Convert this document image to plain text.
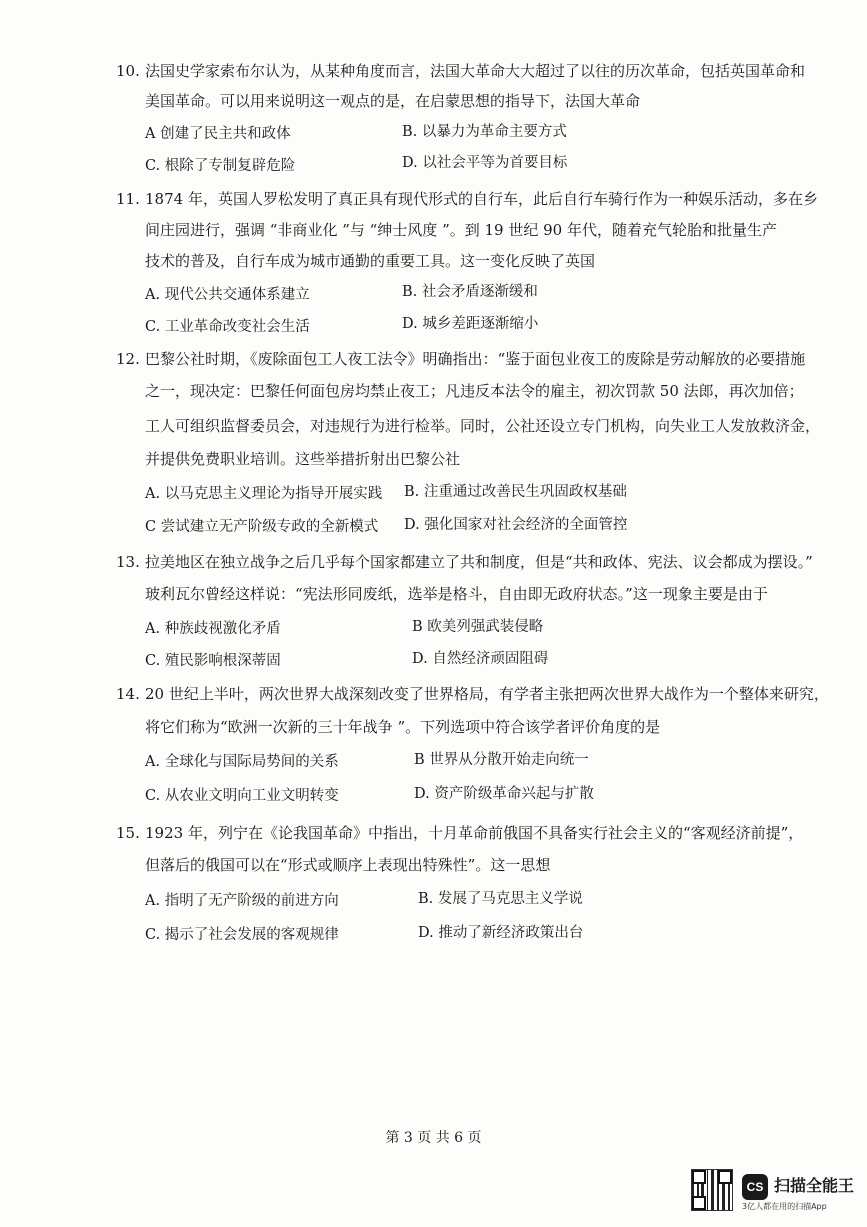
10. 法国史学家索布尔认为，从某种角度而言，法国大革命大大超过了以往的历次革命，包括英国革命和
美国革命。可以用来说明这一观点的是，在启蒙思想的指导下，法国大革命
A 创建了民主共和政体	B. 以暴力为革命主要方式
C. 根除了专制复辟危险	D. 以社会平等为首要目标
11. 1874 年，英国人罗松发明了真正具有现代形式的自行车，此后自行车骑行作为一种娱乐活动，多在乡
间庄园进行，强调 “非商业化 ”与 “绅士风度 ”。到 19 世纪 90 年代，随着充气轮胎和批量生产
技术的普及，自行车成为城市通勤的重要工具。这一变化反映了英国
A. 现代公共交通体系建立	B. 社会矛盾逐渐缓和
C. 工业革命改变社会生活	D. 城乡差距逐渐缩小
12. 巴黎公社时期，《废除面包工人夜工法令》明确指出：“鉴于面包业夜工的废除是劳动解放的必要措施
之一，现决定：巴黎任何面包房均禁止夜工；凡违反本法令的雇主，初次罚款 50 法郎，再次加倍；
工人可组织监督委员会，对违规行为进行检举。同时，公社还设立专门机构，向失业工人发放救济金，
并提供免费职业培训。这些举措折射出巴黎公社
A. 以马克思主义理论为指导开展实践 B. 注重通过改善民生巩固政权基础
C 尝试建立无产阶级专政的全新模式 D. 强化国家对社会经济的全面管控
13. 拉美地区在独立战争之后几乎每个国家都建立了共和制度，但是“共和政体、宪法、议会都成为摆设。”
玻利瓦尔曾经这样说：“宪法形同废纸，选举是格斗，自由即无政府状态。”这一现象主要是由于
A. 种族歧视激化矛盾	B 欧美列强武装侵略
C. 殖民影响根深蒂固	D. 自然经济顽固阻碍
14. 20 世纪上半叶，两次世界大战深刻改变了世界格局，有学者主张把两次世界大战作为一个整体来研究，
将它们称为“欧洲一次新的三十年战争 ”。下列选项中符合该学者评价角度的是
A. 全球化与国际局势间的关系	B 世界从分散开始走向统一
C. 从农业文明向工业文明转变	D. 资产阶级革命兴起与扩散
15. 1923 年，列宁在《论我国革命》中指出，十月革命前俄国不具备实行社会主义的“客观经济前提”，
但落后的俄国可以在“形式或顺序上表现出特殊性”。这一思想
A. 指明了无产阶级的前进方向	B. 发展了马克思主义学说
C. 揭示了社会发展的客观规律	D. 推动了新经济政策出台
第 3 页 共 6 页
CS 扫描全能王
3亿人都在用的扫描App
